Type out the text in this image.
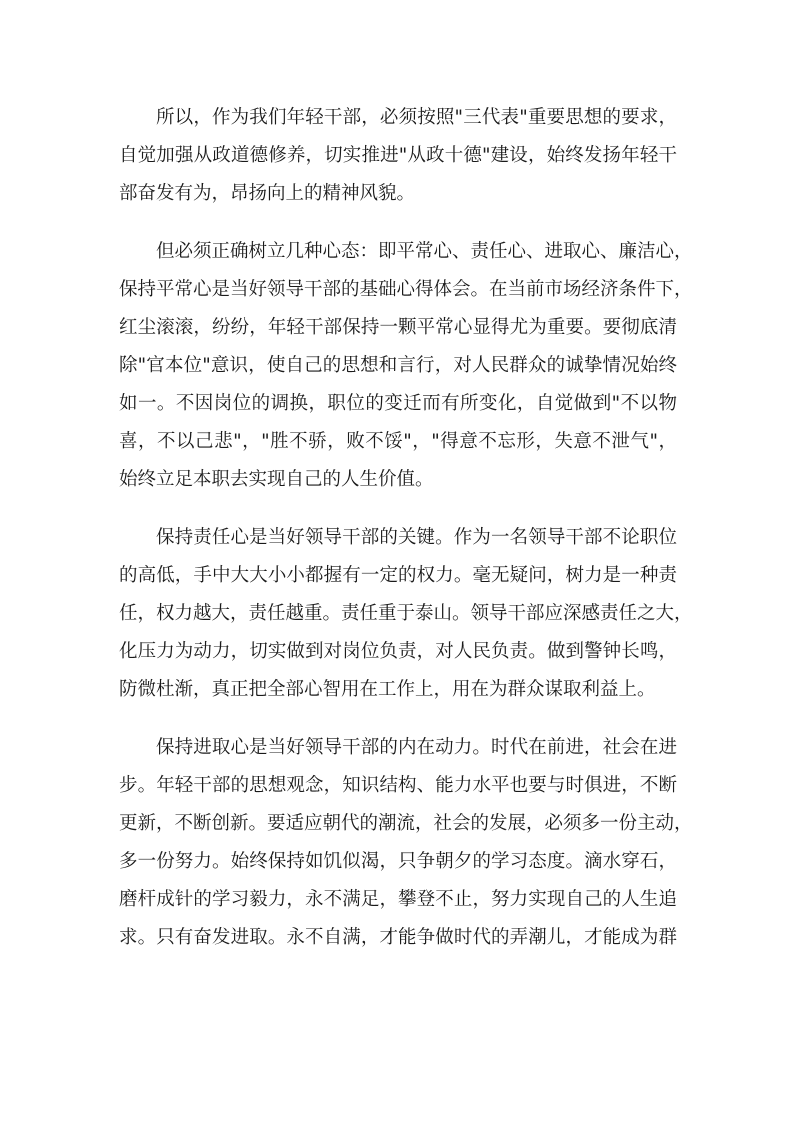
所以，作为我们年轻干部，必须按照"三代表"重要思想的要求，
自觉加强从政道德修养，切实推进"从政十德"建设，始终发扬年轻干
部奋发有为，昂扬向上的精神风貌。

但必须正确树立几种心态：即平常心、责任心、进取心、廉洁心，
保持平常心是当好领导干部的基础心得体会。在当前市场经济条件下，
红尘滚滚，纷纷，年轻干部保持一颗平常心显得尤为重要。要彻底清
除"官本位"意识，使自己的思想和言行，对人民群众的诚挚情况始终
如一。不因岗位的调换，职位的变迁而有所变化，自觉做到"不以物
喜，不以己悲"，"胜不骄，败不馁"，"得意不忘形，失意不泄气"，
始终立足本职去实现自己的人生价值。

保持责任心是当好领导干部的关键。作为一名领导干部不论职位
的高低，手中大大小小都握有一定的权力。毫无疑问，树力是一种责
任，权力越大，责任越重。责任重于泰山。领导干部应深感责任之大，
化压力为动力，切实做到对岗位负责，对人民负责。做到警钟长鸣，
防微杜渐，真正把全部心智用在工作上，用在为群众谋取利益上。

保持进取心是当好领导干部的内在动力。时代在前进，社会在进
步。年轻干部的思想观念，知识结构、能力水平也要与时俱进，不断
更新，不断创新。要适应朝代的潮流，社会的发展，必须多一份主动，
多一份努力。始终保持如饥似渴，只争朝夕的学习态度。滴水穿石，
磨杆成针的学习毅力，永不满足，攀登不止，努力实现自己的人生追
求。只有奋发进取。永不自满，才能争做时代的弄潮儿，才能成为群
